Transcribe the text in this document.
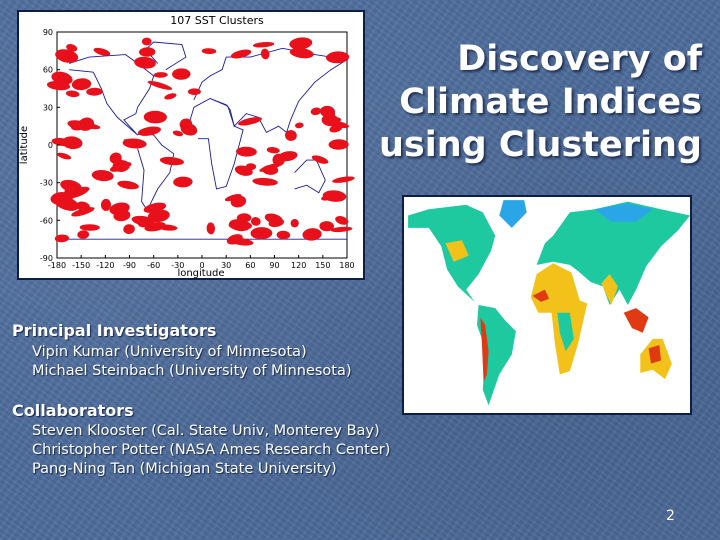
107 SST Clusters
90
60
30
0
-30
-60
-90
-180 -150 -120 -90 -60 -30 0 30 60 90 120 150 180
latitude
longitude
Discovery of
Climate Indices
using Clustering
Principal Investigators
Vipin Kumar (University of Minnesota)
Michael Steinbach (University of Minnesota)
Collaborators
Steven Klooster (Cal. State Univ, Monterey Bay)
Christopher Potter (NASA Ames Research Center)
Pang-Ning Tan (Michigan State University)
2
